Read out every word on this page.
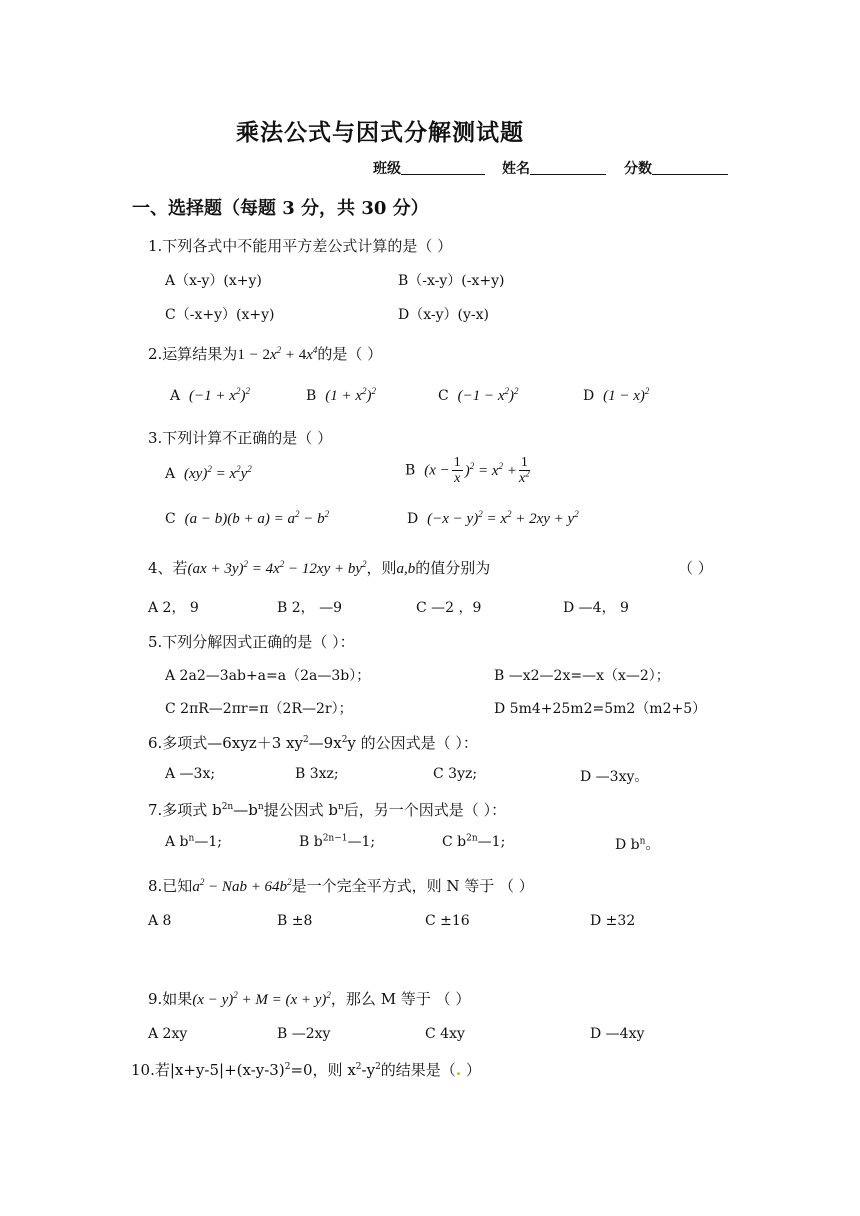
乘法公式与因式分解测试题
班级	姓名	分数
一、选择题（每题 3 分，共 30 分）
1.下列各式中不能用平方差公式计算的是（ ）
A（x-y）(x+y)	B（-x-y）(-x+y)
C（-x+y）(x+y)	D（x-y）(y-x)
2.运算结果为$1 - 2x^2 + 4x^4$的是（ ）
A $(-1 + x^2)^2$	B $(1 + x^2)^2$	C $(-1 - x^2)^2$	D $(1 - x)^2$
3.下列计算不正确的是（ ）
A $(xy)^2 = x^2y^2$	B $(x - \frac{1}{x} )^2 = x^2 + \frac{1}{x^2}$
C $(a - b)(b + a) = a^2 - b^2$	D $(-x - y)^2 = x^2 + 2xy + y^2$
4、若$(ax + 3y)^2 = 4x^2 - 12xy + by^2$，则a,b的值分别为	（ ）
A 2， 9	B 2， —9	C —2 ，9	D —4， 9
5.下列分解因式正确的是（ ）：
A 2a2—3ab+a=a（2a—3b）；	B —x2—2x=—x（x—2）；
C 2πR—2πr=π（2R—2r）；	D 5m4+25m2=5m2（m2+5）
6.多项式—6xyz＋3 $xy^2—9x^2y$ 的公因式是（ ）：
A —3x;	B 3xz;	C 3yz;	D —3xy。
7.多项式 $b^{2n}—b^n$提公因式 $b^n$后，另一个因式是（ ）：
A $b^n—1$;	B $b^{2n-1}—1$;	C $b^{2n}—1$;	D $b^n$。
8.已知$a^2$ − Nab + $64b^2$是一个完全平方式，则 N 等于 （ ）
A 8	B ±8	C ±16	D ±32
9.如果$(x - y)^2 + M = (x + y)^2$，那么 M 等于 （ ）
A 2xy	B —2xy	C 4xy	D —4xy
10.若$|x+y-5|+(x-y-3)^2=0$，则 $x^2-y^2$的结果是（. ）
